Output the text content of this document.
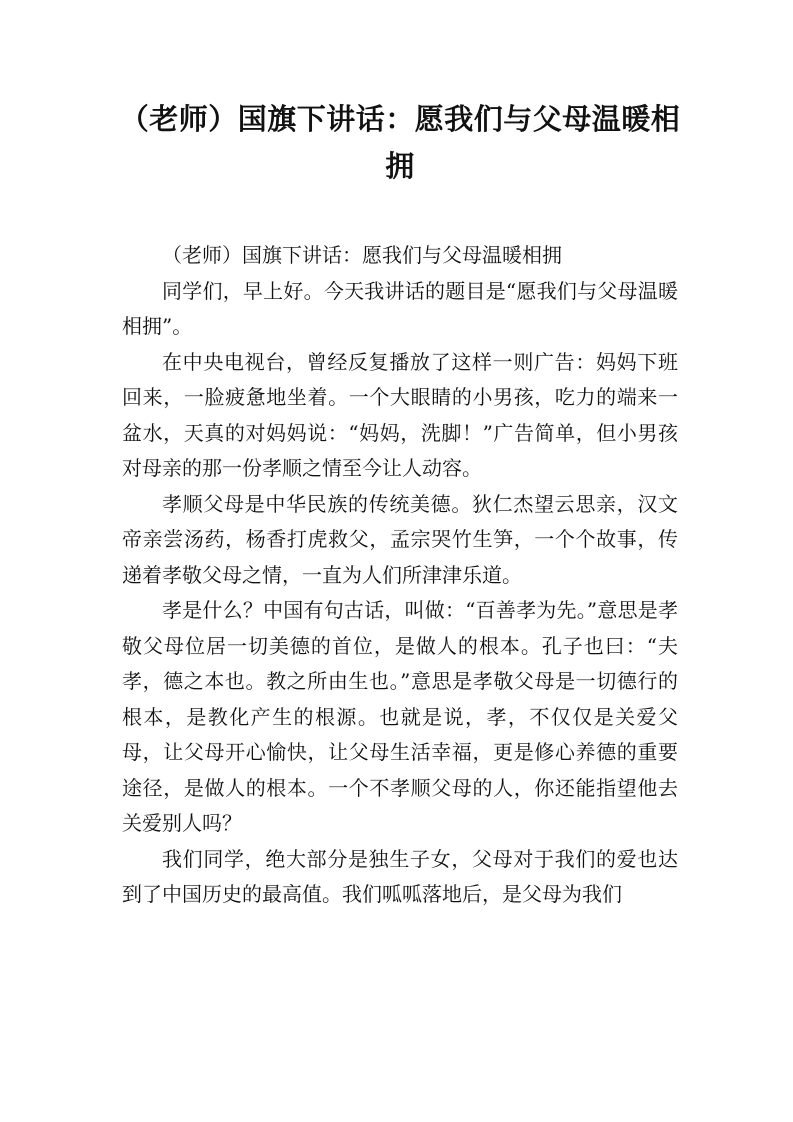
（老师）国旗下讲话：愿我们与父母温暖相拥

（老师）国旗下讲话：愿我们与父母温暖相拥

同学们，早上好。今天我讲话的题目是“愿我们与父母温暖相拥”。

在中央电视台，曾经反复播放了这样一则广告：妈妈下班回来，一脸疲惫地坐着。一个大眼睛的小男孩，吃力的端来一盆水，天真的对妈妈说：“妈妈，洗脚！”广告简单，但小男孩对母亲的那一份孝顺之情至今让人动容。

孝顺父母是中华民族的传统美德。狄仁杰望云思亲，汉文帝亲尝汤药，杨香打虎救父，孟宗哭竹生笋，一个个故事，传递着孝敬父母之情，一直为人们所津津乐道。

孝是什么？中国有句古话，叫做：“百善孝为先。”意思是孝敬父母位居一切美德的首位，是做人的根本。孔子也曰：“夫孝，德之本也。教之所由生也。”意思是孝敬父母是一切德行的根本，是教化产生的根源。也就是说，孝，不仅仅是关爱父母，让父母开心愉快，让父母生活幸福，更是修心养德的重要途径，是做人的根本。一个不孝顺父母的人，你还能指望他去关爱别人吗？

我们同学，绝大部分是独生子女，父母对于我们的爱也达到了中国历史的最高值。我们呱呱落地后，是父母为我们
